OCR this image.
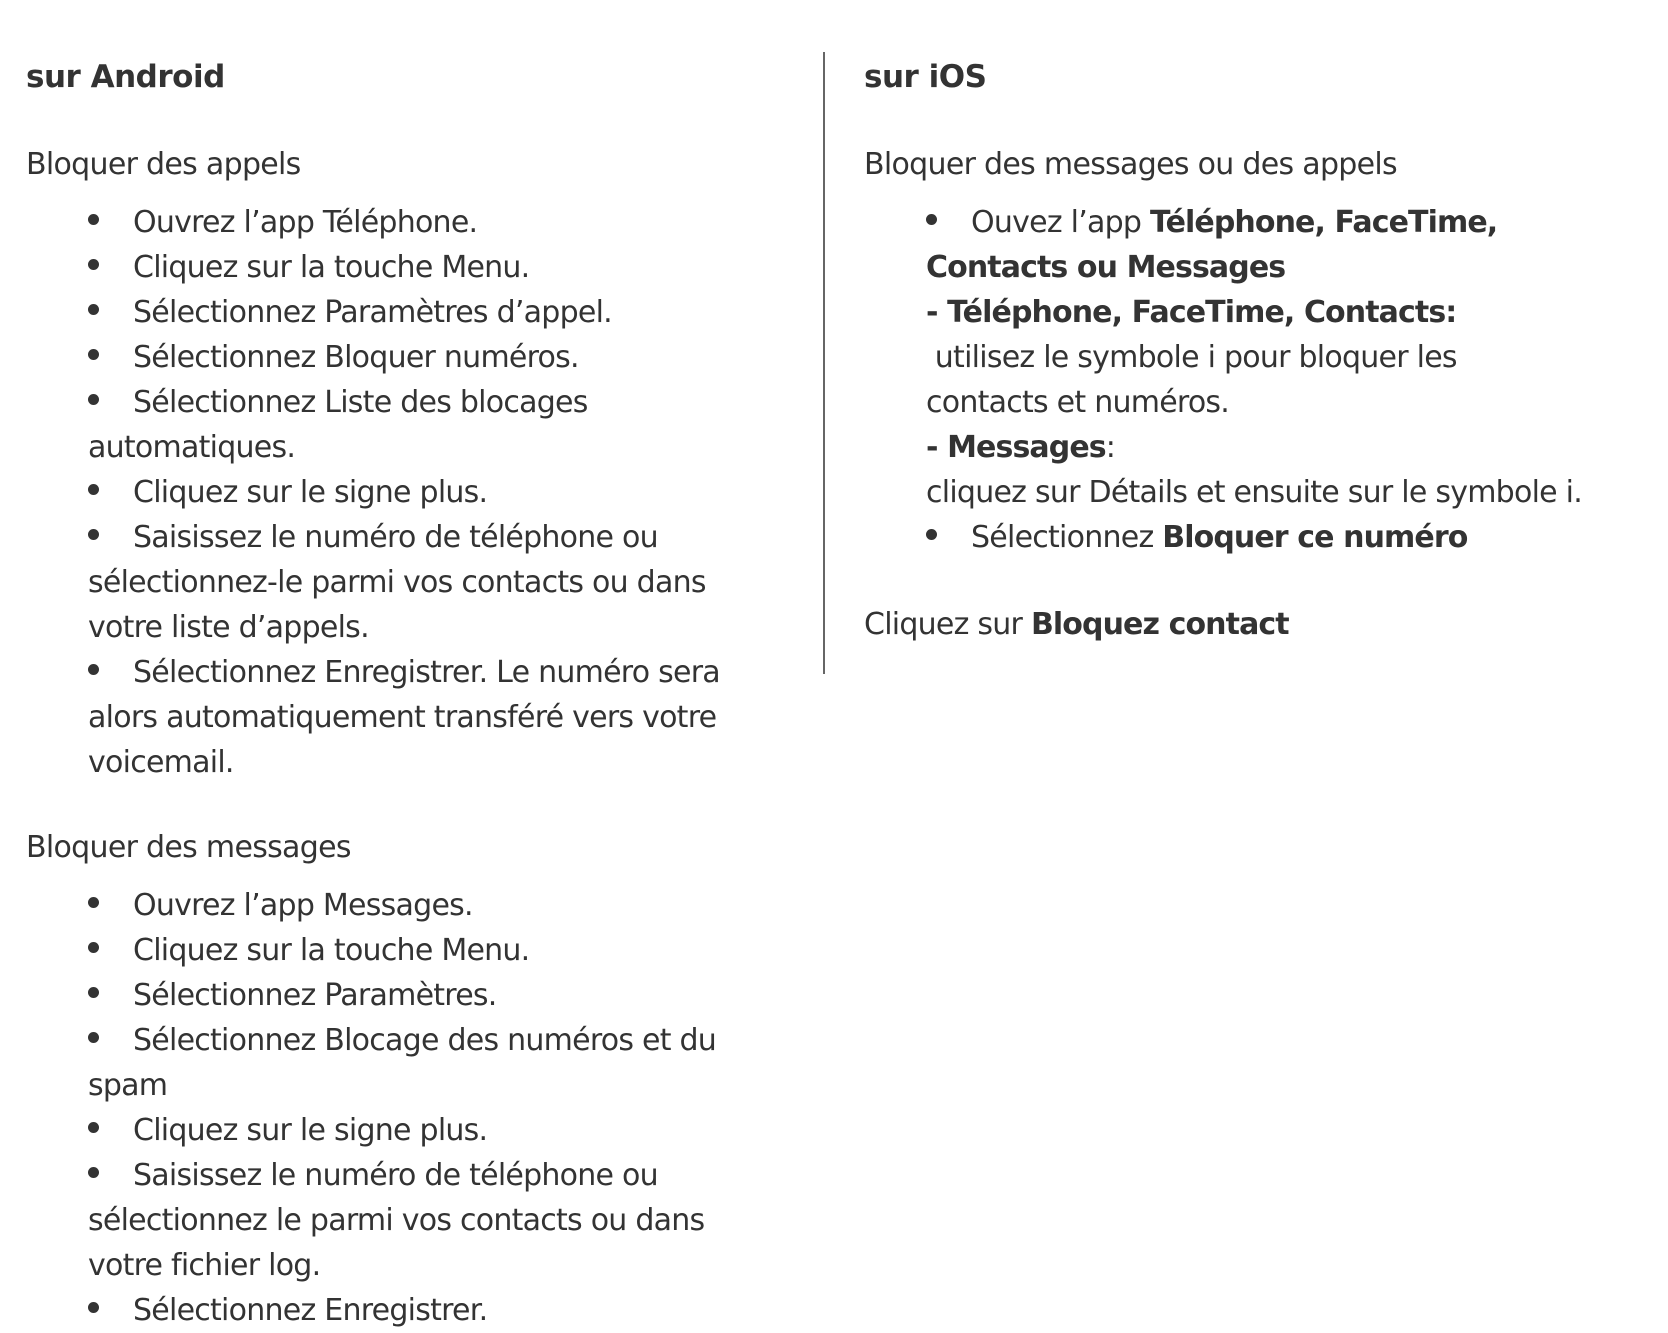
sur Android
Bloquer des appels
Ouvrez l’app Téléphone.
Cliquez sur la touche Menu.
Sélectionnez Paramètres d’appel.
Sélectionnez Bloquer numéros.
Sélectionnez Liste des blocages automatiques.
Cliquez sur le signe plus.
Saisissez le numéro de téléphone ou sélectionnez-le parmi vos contacts ou dans votre liste d’appels.
Sélectionnez Enregistrer. Le numéro sera alors automatiquement transféré vers votre voicemail.
Bloquer des messages
Ouvrez l’app Messages.
Cliquez sur la touche Menu.
Sélectionnez Paramètres.
Sélectionnez Blocage des numéros et du spam
Cliquez sur le signe plus.
Saisissez le numéro de téléphone ou sélectionnez le parmi vos contacts ou dans votre fichier log.
Sélectionnez Enregistrer.
sur iOS
Bloquer des messages ou des appels
Ouvez l’app Téléphone, FaceTime, Contacts ou Messages
- Téléphone, FaceTime, Contacts:
utilisez le symbole i pour bloquer les contacts et numéros.
- Messages:
cliquez sur Détails et ensuite sur le symbole i.
Sélectionnez Bloquer ce numéro
Cliquez sur Bloquez contact
